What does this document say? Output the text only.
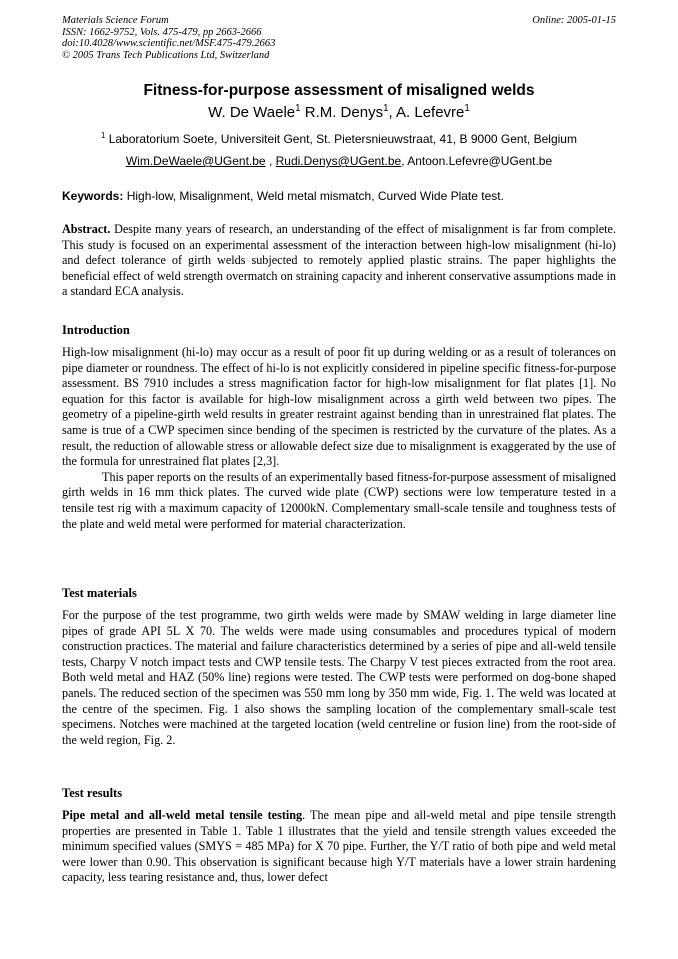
Materials Science Forum
ISSN: 1662-9752, Vols. 475-479, pp 2663-2666
doi:10.4028/www.scientific.net/MSF.475-479.2663
© 2005 Trans Tech Publications Ltd, Switzerland
Online: 2005-01-15
Fitness-for-purpose assessment of misaligned welds
W. De Waele$^1$ R.M. Denys$^1$, A. Lefevre$^1$
$^1$ Laboratorium Soete, Universiteit Gent, St. Pietersnieuwstraat, 41, B 9000 Gent, Belgium
Wim.DeWaele@UGent.be , Rudi.Denys@UGent.be, Antoon.Lefevre@UGent.be
Keywords: High-low, Misalignment, Weld metal mismatch, Curved Wide Plate test.

Abstract. Despite many years of research, an understanding of the effect of misalignment is far from complete. This study is focused on an experimental assessment of the interaction between high-low misalignment (hi-lo) and defect tolerance of girth welds subjected to remotely applied plastic strains. The paper highlights the beneficial effect of weld strength overmatch on straining capacity and inherent conservative assumptions made in a standard ECA analysis.

Introduction

High-low misalignment (hi-lo) may occur as a result of poor fit up during welding or as a result of tolerances on pipe diameter or roundness. The effect of hi-lo is not explicitly considered in pipeline specific fitness-for-purpose assessment. BS 7910 includes a stress magnification factor for high-low misalignment for flat plates [1]. No equation for this factor is available for high-low misalignment across a girth weld between two pipes. The geometry of a pipeline-girth weld results in greater restraint against bending than in unrestrained flat plates. The same is true of a CWP specimen since bending of the specimen is restricted by the curvature of the plates. As a result, the reduction of allowable stress or allowable defect size due to misalignment is exaggerated by the use of the formula for unrestrained flat plates [2,3].

This paper reports on the results of an experimentally based fitness-for-purpose assessment of misaligned girth welds in 16 mm thick plates. The curved wide plate (CWP) sections were low temperature tested in a tensile test rig with a maximum capacity of 12000kN. Complementary small-scale tensile and toughness tests of the plate and weld metal were performed for material characterization.

Test materials

For the purpose of the test programme, two girth welds were made by SMAW welding in large diameter line pipes of grade API 5L X 70. The welds were made using consumables and procedures typical of modern construction practices. The material and failure characteristics determined by a series of pipe and all-weld tensile tests, Charpy V notch impact tests and CWP tensile tests. The Charpy V test pieces extracted from the root area. Both weld metal and HAZ (50% line) regions were tested. The CWP tests were performed on dog-bone shaped panels. The reduced section of the specimen was 550 mm long by 350 mm wide, Fig. 1. The weld was located at the centre of the specimen. Fig. 1 also shows the sampling location of the complementary small-scale test specimens. Notches were machined at the targeted location (weld centreline or fusion line) from the root-side of the weld region, Fig. 2.

Test results

Pipe metal and all-weld metal tensile testing. The mean pipe and all-weld metal and pipe tensile strength properties are presented in Table 1. Table 1 illustrates that the yield and tensile strength values exceeded the minimum specified values (SMYS = 485 MPa) for X 70 pipe. Further, the Y/T ratio of both pipe and weld metal were lower than 0.90. This observation is significant because high Y/T materials have a lower strain hardening capacity, less tearing resistance and, thus, lower defect
